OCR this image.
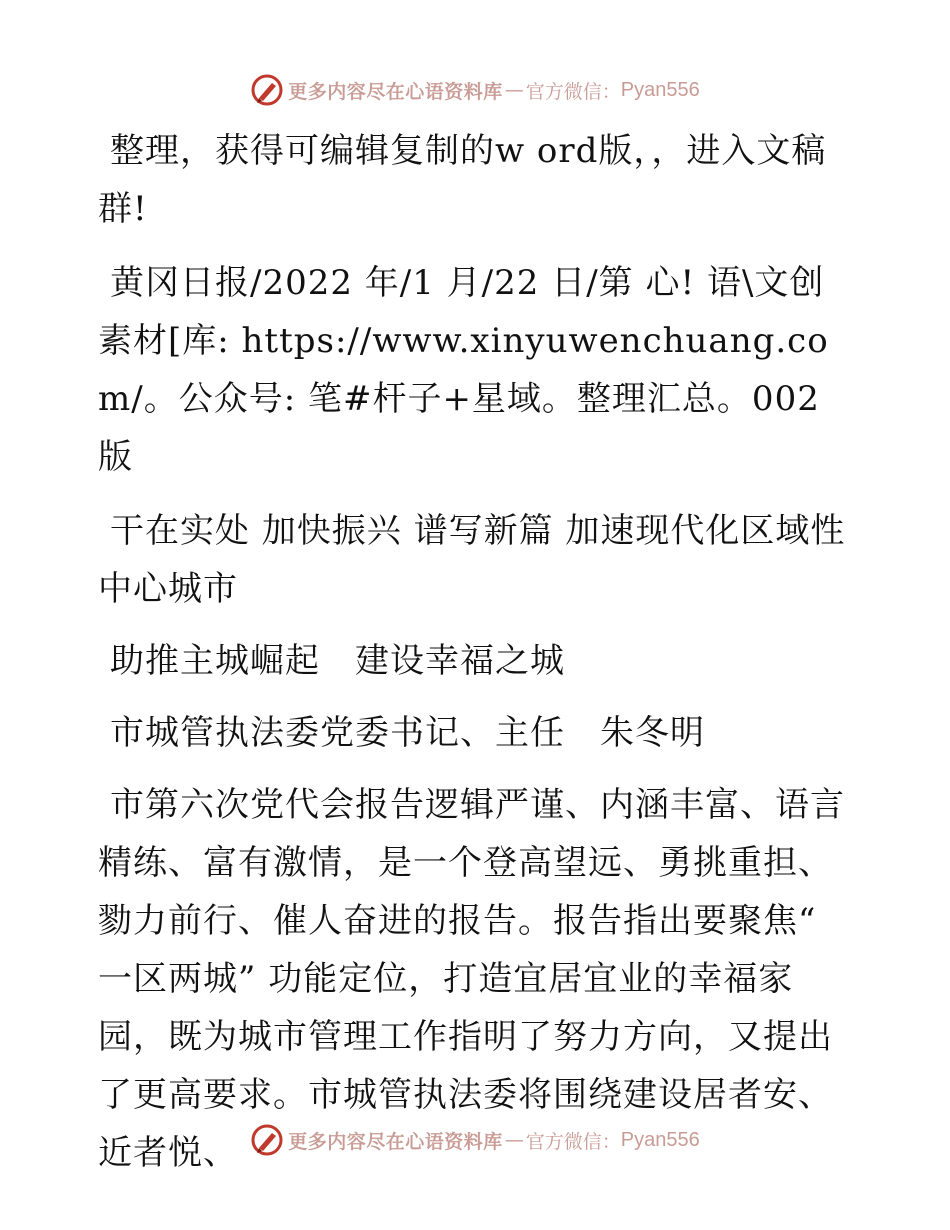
更多内容尽在心语资料库 — 官方微信： Pyan556

整理，获得可编辑复制的w ord版，，进入文稿群!

黄冈日报/2022 年/1 月/22 日/第 心! 语\文创素材[库: https://www.xinyuwenchuang.com/。公众号: 笔#杆子+星域。整理汇总。002 版

干在实处 加快振兴 谱写新篇 加速现代化区域性中心城市

助推主城崛起　建设幸福之城

市城管执法委党委书记、主任　朱冬明

市第六次党代会报告逻辑严谨、内涵丰富、语言精练、富有激情，是一个登高望远、勇挑重担、勠力前行、催人奋进的报告。报告指出要聚焦“ 一区两城” 功能定位，打造宜居宜业的幸福家园，既为城市管理工作指明了努力方向，又提出了更高要求。市城管执法委将围绕建设居者安、近者悦、	更多内容尽在心语资料库 — 官方微信： Pyan556
